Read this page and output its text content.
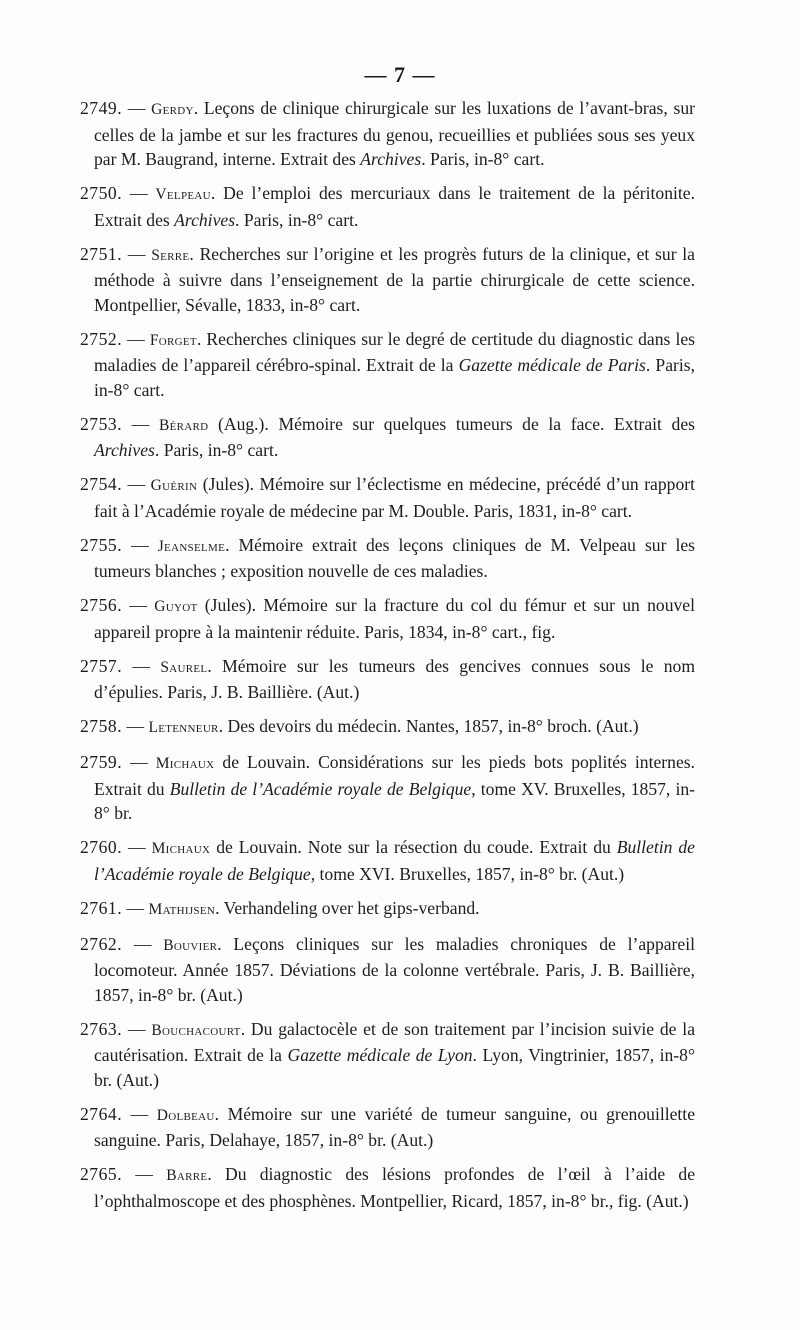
— 7 —

2749. — Gerdy. Leçons de clinique chirurgicale sur les luxations de l’avant-bras, sur celles de la jambe et sur les fractures du genou, recueillies et publiées sous ses yeux par M. Baugrand, interne. Extrait des Archives. Paris, in-8° cart.

2750. — Velpeau. De l’emploi des mercuriaux dans le traitement de la péritonite. Extrait des Archives. Paris, in-8° cart.

2751. — Serre. Recherches sur l’origine et les progrès futurs de la clinique, et sur la méthode à suivre dans l’enseignement de la partie chirurgicale de cette science. Montpellier, Sévalle, 1833, in-8° cart.

2752. — Forget. Recherches cliniques sur le degré de certitude du diagnostic dans les maladies de l’appareil cérébro-spinal. Extrait de la Gazette médicale de Paris. Paris, in-8° cart.

2753. — Bérard (Aug.). Mémoire sur quelques tumeurs de la face. Extrait des Archives. Paris, in-8° cart.

2754. — Guérin (Jules). Mémoire sur l’éclectisme en médecine, précédé d’un rapport fait à l’Académie royale de médecine par M. Double. Paris, 1831, in-8° cart.

2755. — Jeanselme. Mémoire extrait des leçons cliniques de M. Velpeau sur les tumeurs blanches ; exposition nouvelle de ces maladies.

2756. — Guyot (Jules). Mémoire sur la fracture du col du fémur et sur un nouvel appareil propre à la maintenir réduite. Paris, 1834, in-8° cart., fig.

2757. — Saurel. Mémoire sur les tumeurs des gencives connues sous le nom d’épulies. Paris, J. B. Baillière. (Aut.)

2758. — Letenneur. Des devoirs du médecin. Nantes, 1857, in-8° broch. (Aut.)

2759. — Michaux de Louvain. Considérations sur les pieds bots poplités internes. Extrait du Bulletin de l’Académie royale de Belgique, tome XV. Bruxelles, 1857, in-8° br.

2760. — Michaux de Louvain. Note sur la résection du coude. Extrait du Bulletin de l’Académie royale de Belgique, tome XVI. Bruxelles, 1857, in-8° br. (Aut.)

2761. — Mathijsen. Verhandeling over het gips-verband.

2762. — Bouvier. Leçons cliniques sur les maladies chroniques de l’appareil locomoteur. Année 1857. Déviations de la colonne vertébrale. Paris, J. B. Baillière, 1857, in-8° br. (Aut.)

2763. — Bouchacourt. Du galactocèle et de son traitement par l’incision suivie de la cautérisation. Extrait de la Gazette médicale de Lyon. Lyon, Vingtrinier, 1857, in-8° br. (Aut.)

2764. — Dolbeau. Mémoire sur une variété de tumeur sanguine, ou grenouillette sanguine. Paris, Delahaye, 1857, in-8° br. (Aut.)

2765. — Barre. Du diagnostic des lésions profondes de l’œil à l’aide de l’ophthalmoscope et des phosphènes. Montpellier, Ricard, 1857, in-8° br., fig. (Aut.)
